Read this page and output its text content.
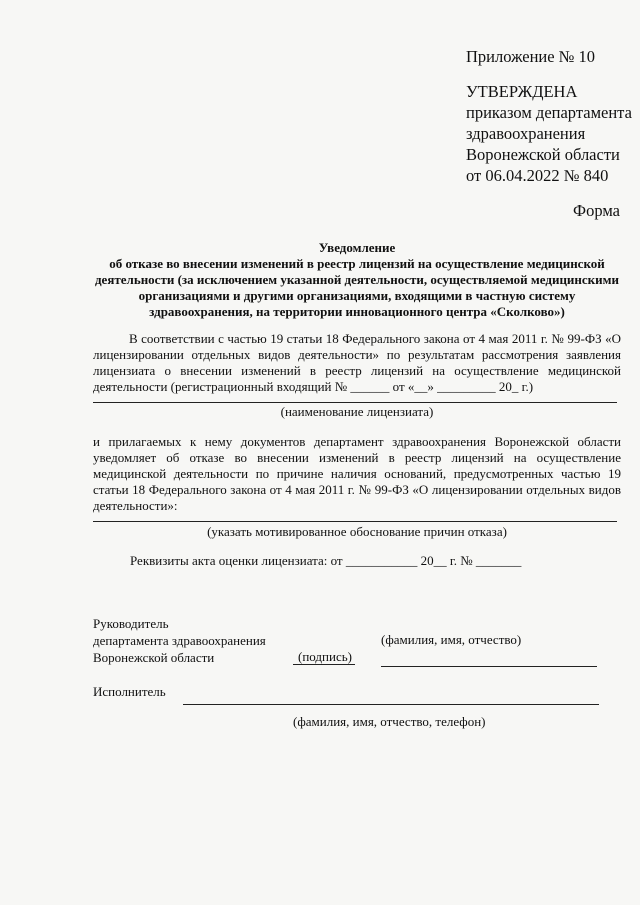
Приложение № 10
УТВЕРЖДЕНА
приказом департамента
здравоохранения
Воронежской области
от 06.04.2022 № 840
Форма
Уведомление
об отказе во внесении изменений в реестр лицензий на осуществление медицинской деятельности (за исключением указанной деятельности, осуществляемой медицинскими организациями и другими организациями, входящими в частную систему здравоохранения, на территории инновационного центра «Сколково»)
В соответствии с частью 19 статьи 18 Федерального закона от 4 мая 2011 г. № 99-ФЗ «О лицензировании отдельных видов деятельности» по результатам рассмотрения заявления лицензиата о внесении изменений в реестр лицензий на осуществление медицинской деятельности (регистрационный входящий № ______ от «__» _________ 20_ г.)
(наименование лицензиата)
и прилагаемых к нему документов департамент здравоохранения Воронежской области уведомляет об отказе во внесении изменений в реестр лицензий на осуществление медицинской деятельности по причине наличия оснований, предусмотренных частью 19 статьи 18 Федерального закона от 4 мая 2011 г. № 99-ФЗ «О лицензировании отдельных видов деятельности»:
(указать мотивированное обоснование причин отказа)
Реквизиты акта оценки лицензиата: от ___________ 20__ г. № _______
Руководитель
департамента здравоохранения
Воронежской области
(фамилия, имя, отчество)
(подпись)
Исполнитель
(фамилия, имя, отчество, телефон)
